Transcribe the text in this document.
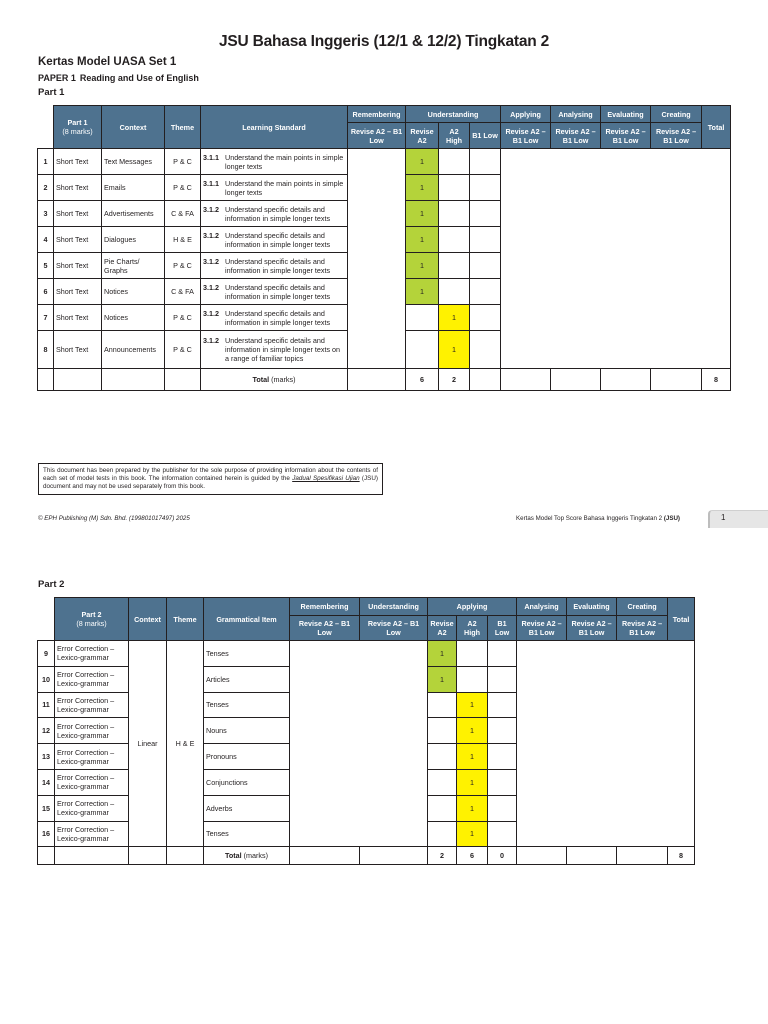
JSU Bahasa Inggeris (12/1 & 12/2) Tingkatan 2
Kertas Model UASA Set 1
PAPER 1 Reading and Use of English
Part 1
	Part 1
(8 marks)	Context	Theme	Learning Standard	Remembering	Understanding			Applying	Analysing	Evaluating	Creating	Total
					Revise A2 – B1 Low	Revise A2	A2 High	B1 Low	Revise A2 – B1 Low	Revise A2 – B1 Low	Revise A2 – B1 Low	Revise A2 – B1 Low	
1	Short Text	Text Messages	P & C	3.1.1 Understand the main points in simple longer texts		1							
2	Short Text	Emails	P & C	3.1.1 Understand the main points in simple longer texts		1							
3	Short Text	Advertisements	C & FA	3.1.2 Understand specific details and information in simple longer texts		1							
4	Short Text	Dialogues	H & E	3.1.2 Understand specific details and information in simple longer texts		1							
5	Short Text	Pie Charts/ Graphs	P & C	3.1.2 Understand specific details and information in simple longer texts		1							
6	Short Text	Notices	C & FA	3.1.2 Understand specific details and information in simple longer texts		1							
7	Short Text	Notices	P & C	3.1.2 Understand specific details and information in simple longer texts			1						
8	Short Text	Announcements	P & C	3.1.2 Understand specific details and information in simple longer texts on a range of familiar topics			1						
				Total (marks)		6	2						8
This document has been prepared by the publisher for the sole purpose of providing information about the contents of each set of model tests in this book. The information contained herein is guided by the Jadual Spesifikasi Ujian (JSU) document and may not be used separately from this book.
© EPH Publishing (M) Sdn. Bhd. (199801017497) 2025	Kertas Model Top Score Bahasa Inggeris Tingkatan 2 (JSU)	1
Part 2
	Part 2
(8 marks)	Context	Theme	Grammatical Item	Remembering	Understanding	Applying			Analysing	Evaluating	Creating	Total
					Revise A2 – B1 Low	Revise A2 – B1 Low	Revise A2	A2 High	B1 Low	Revise A2 – B1 Low	Revise A2 – B1 Low	Revise A2 – B1 Low	
9	Error Correction – Lexico-grammar	Linear	H & E	Tenses			1						
10	Error Correction – Lexico-grammar			Articles			1						
11	Error Correction – Lexico-grammar			Tenses				1					
12	Error Correction – Lexico-grammar			Nouns				1					
13	Error Correction – Lexico-grammar			Pronouns				1					
14	Error Correction – Lexico-grammar			Conjunctions				1					
15	Error Correction – Lexico-grammar			Adverbs				1					
16	Error Correction – Lexico-grammar			Tenses				1					
				Total (marks)			2	6	0				8
